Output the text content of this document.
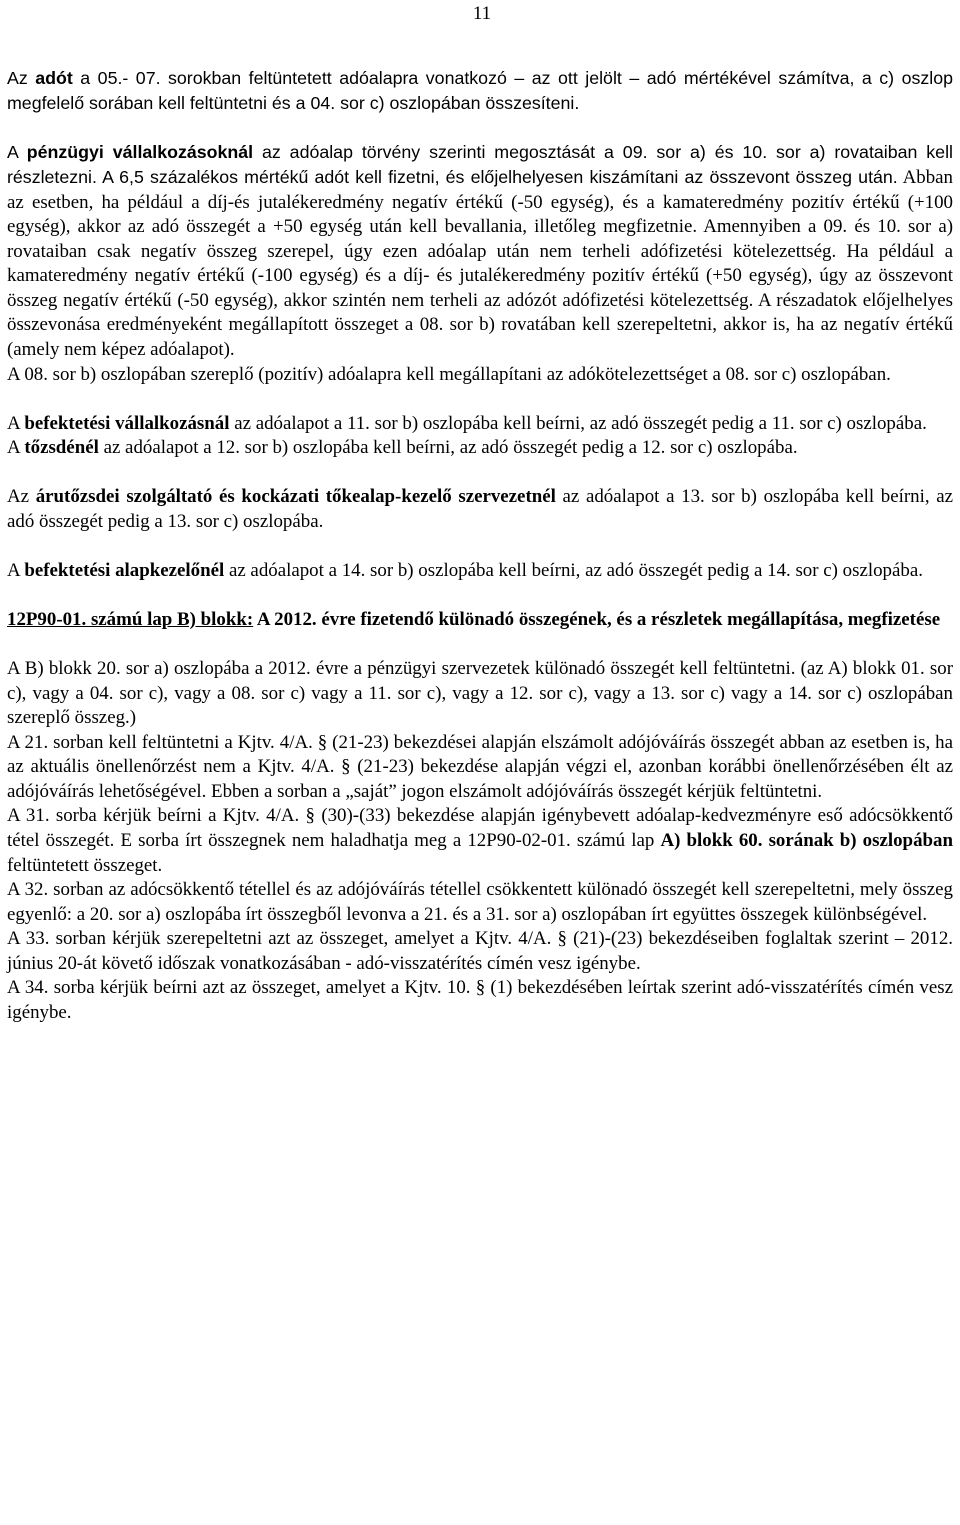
11

Az adót a 05.- 07. sorokban feltüntetett adóalapra vonatkozó – az ott jelölt – adó mértékével számítva, a c) oszlop megfelelő sorában kell feltüntetni és a 04. sor c) oszlopában összesíteni.

A pénzügyi vállalkozásoknál az adóalap törvény szerinti megosztását a 09. sor a) és 10. sor a) rovataiban kell részletezni. A 6,5 százalékos mértékű adót kell fizetni, és előjelhelyesen kiszámítani az összevont összeg után. Abban az esetben, ha például a díj-és jutalékeredmény negatív értékű (-50 egység), és a kamateredmény pozitív értékű (+100 egység), akkor az adó összegét a +50 egység után kell bevallania, illetőleg megfizetnie. Amennyiben a 09. és 10. sor a) rovataiban csak negatív összeg szerepel, úgy ezen adóalap után nem terheli adófizetési kötelezettség. Ha például a kamateredmény negatív értékű (-100 egység) és a díj- és jutalékeredmény pozitív értékű (+50 egység), úgy az összevont összeg negatív értékű (-50 egység), akkor szintén nem terheli az adózót adófizetési kötelezettség. A részadatok előjelhelyes összevonása eredményeként megállapított összeget a 08. sor b) rovatában kell szerepeltetni, akkor is, ha az negatív értékű (amely nem képez adóalapot).

A 08. sor b) oszlopában szereplő (pozitív) adóalapra kell megállapítani az adókötelezettséget a 08. sor c) oszlopában.

A befektetési vállalkozásnál az adóalapot a 11. sor b) oszlopába kell beírni, az adó összegét pedig a 11. sor c) oszlopába.

A tőzsdénél az adóalapot a 12. sor b) oszlopába kell beírni, az adó összegét pedig a 12. sor c) oszlopába.

Az árutőzsdei szolgáltató és kockázati tőkealap-kezelő szervezetnél az adóalapot a 13. sor b) oszlopába kell beírni, az adó összegét pedig a 13. sor c) oszlopába.

A befektetési alapkezelőnél az adóalapot a 14. sor b) oszlopába kell beírni, az adó összegét pedig a 14. sor c) oszlopába.

12P90-01. számú lap B) blokk: A 2012. évre fizetendő különadó összegének, és a részletek megállapítása, megfizetése

A B) blokk 20. sor a) oszlopába a 2012. évre a pénzügyi szervezetek különadó összegét kell feltüntetni. (az A) blokk 01. sor c), vagy a 04. sor c), vagy a 08. sor c) vagy a 11. sor c), vagy a 12. sor c), vagy a 13. sor c) vagy a 14. sor c) oszlopában szereplő összeg.)

A 21. sorban kell feltüntetni a Kjtv. 4/A. § (21-23) bekezdései alapján elszámolt adójóváírás összegét abban az esetben is, ha az aktuális önellenőrzést nem a Kjtv. 4/A. § (21-23) bekezdése alapján végzi el, azonban korábbi önellenőrzésében élt az adójóváírás lehetőségével. Ebben a sorban a „saját” jogon elszámolt adójóváírás összegét kérjük feltüntetni.

A 31. sorba kérjük beírni a Kjtv. 4/A. § (30)-(33) bekezdése alapján igénybevett adóalap-kedvezményre eső adócsökkentő tétel összegét. E sorba írt összegnek nem haladhatja meg a 12P90-02-01. számú lap A) blokk 60. sorának b) oszlopában feltüntetett összeget.

A 32. sorban az adócsökkentő tétellel és az adójóváírás tétellel csökkentett különadó összegét kell szerepeltetni, mely összeg egyenlő: a 20. sor a) oszlopába írt összegből levonva a 21. és a 31. sor a) oszlopában írt együttes összegek különbségével.

A 33. sorban kérjük szerepeltetni azt az összeget, amelyet a Kjtv. 4/A. § (21)-(23) bekezdéseiben foglaltak szerint – 2012. június 20-át követő időszak vonatkozásában - adó-visszatérítés címén vesz igénybe.

A 34. sorba kérjük beírni azt az összeget, amelyet a Kjtv. 10. § (1) bekezdésében leírtak szerint adó-visszatérítés címén vesz igénybe.
